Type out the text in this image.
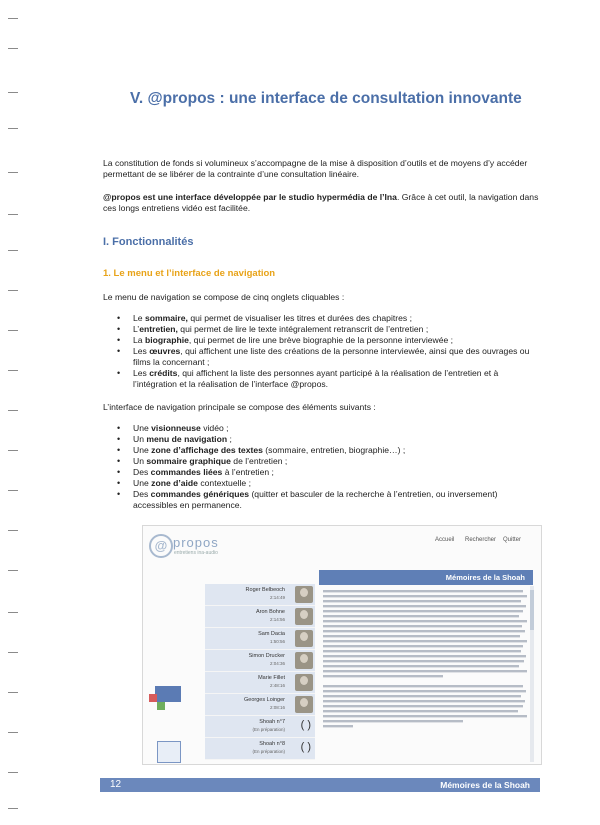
V. @propos : une interface de consultation innovante

La constitution de fonds si volumineux s’accompagne de la mise à disposition d’outils et de moyens d’y accéder permettant de se libérer de la contrainte d’une consultation linéaire.

@propos est une interface développée par le studio hypermédia de l’Ina. Grâce à cet outil, la navigation dans ces longs entretiens vidéo est facilitée.

I. Fonctionnalités
1. Le menu et l’interface de navigation

Le menu de navigation se compose de cinq onglets cliquables :

• Le sommaire, qui permet de visualiser les titres et durées des chapitres ;
• L’entretien, qui permet de lire le texte intégralement retranscrit de l’entretien ;
• La biographie, qui permet de lire une brève biographie de la personne interviewée ;
• Les œuvres, qui affichent une liste des créations de la personne interviewée, ainsi que des ouvrages ou films la concernant ;
• Les crédits, qui affichent la liste des personnes ayant participé à la réalisation de l’entretien et à l’intégration et la réalisation de l’interface @propos.

L’interface de navigation principale se compose des éléments suivants :

• Une visionneuse vidéo ;
• Un menu de navigation ;
• Une zone d’affichage des textes (sommaire, entretien, biographie…) ;
• Un sommaire graphique de l’entretien ;
• Des commandes liées à l’entretien ;
• Une zone d’aide contextuelle ;
• Des commandes génériques (quitter et basculer de la recherche à l’entretien, ou inversement) accessibles en permanence.
@ propos
entretiens ina-audio
Accueil Rechercher Quitter
Mémoires de la Shoah
Roger Belbeoch
2:14:49
Aron Bohne
2:14:56
Sam Dacia
1:50:56
Simon Drucker
2:04:36
Marie Fillet
2:48:16
Georges Loinger
2:08:16
Shoah n°7
(En préparation) ( )
Shoah n°8
(En préparation) ( )
12	Mémoires de la Shoah
